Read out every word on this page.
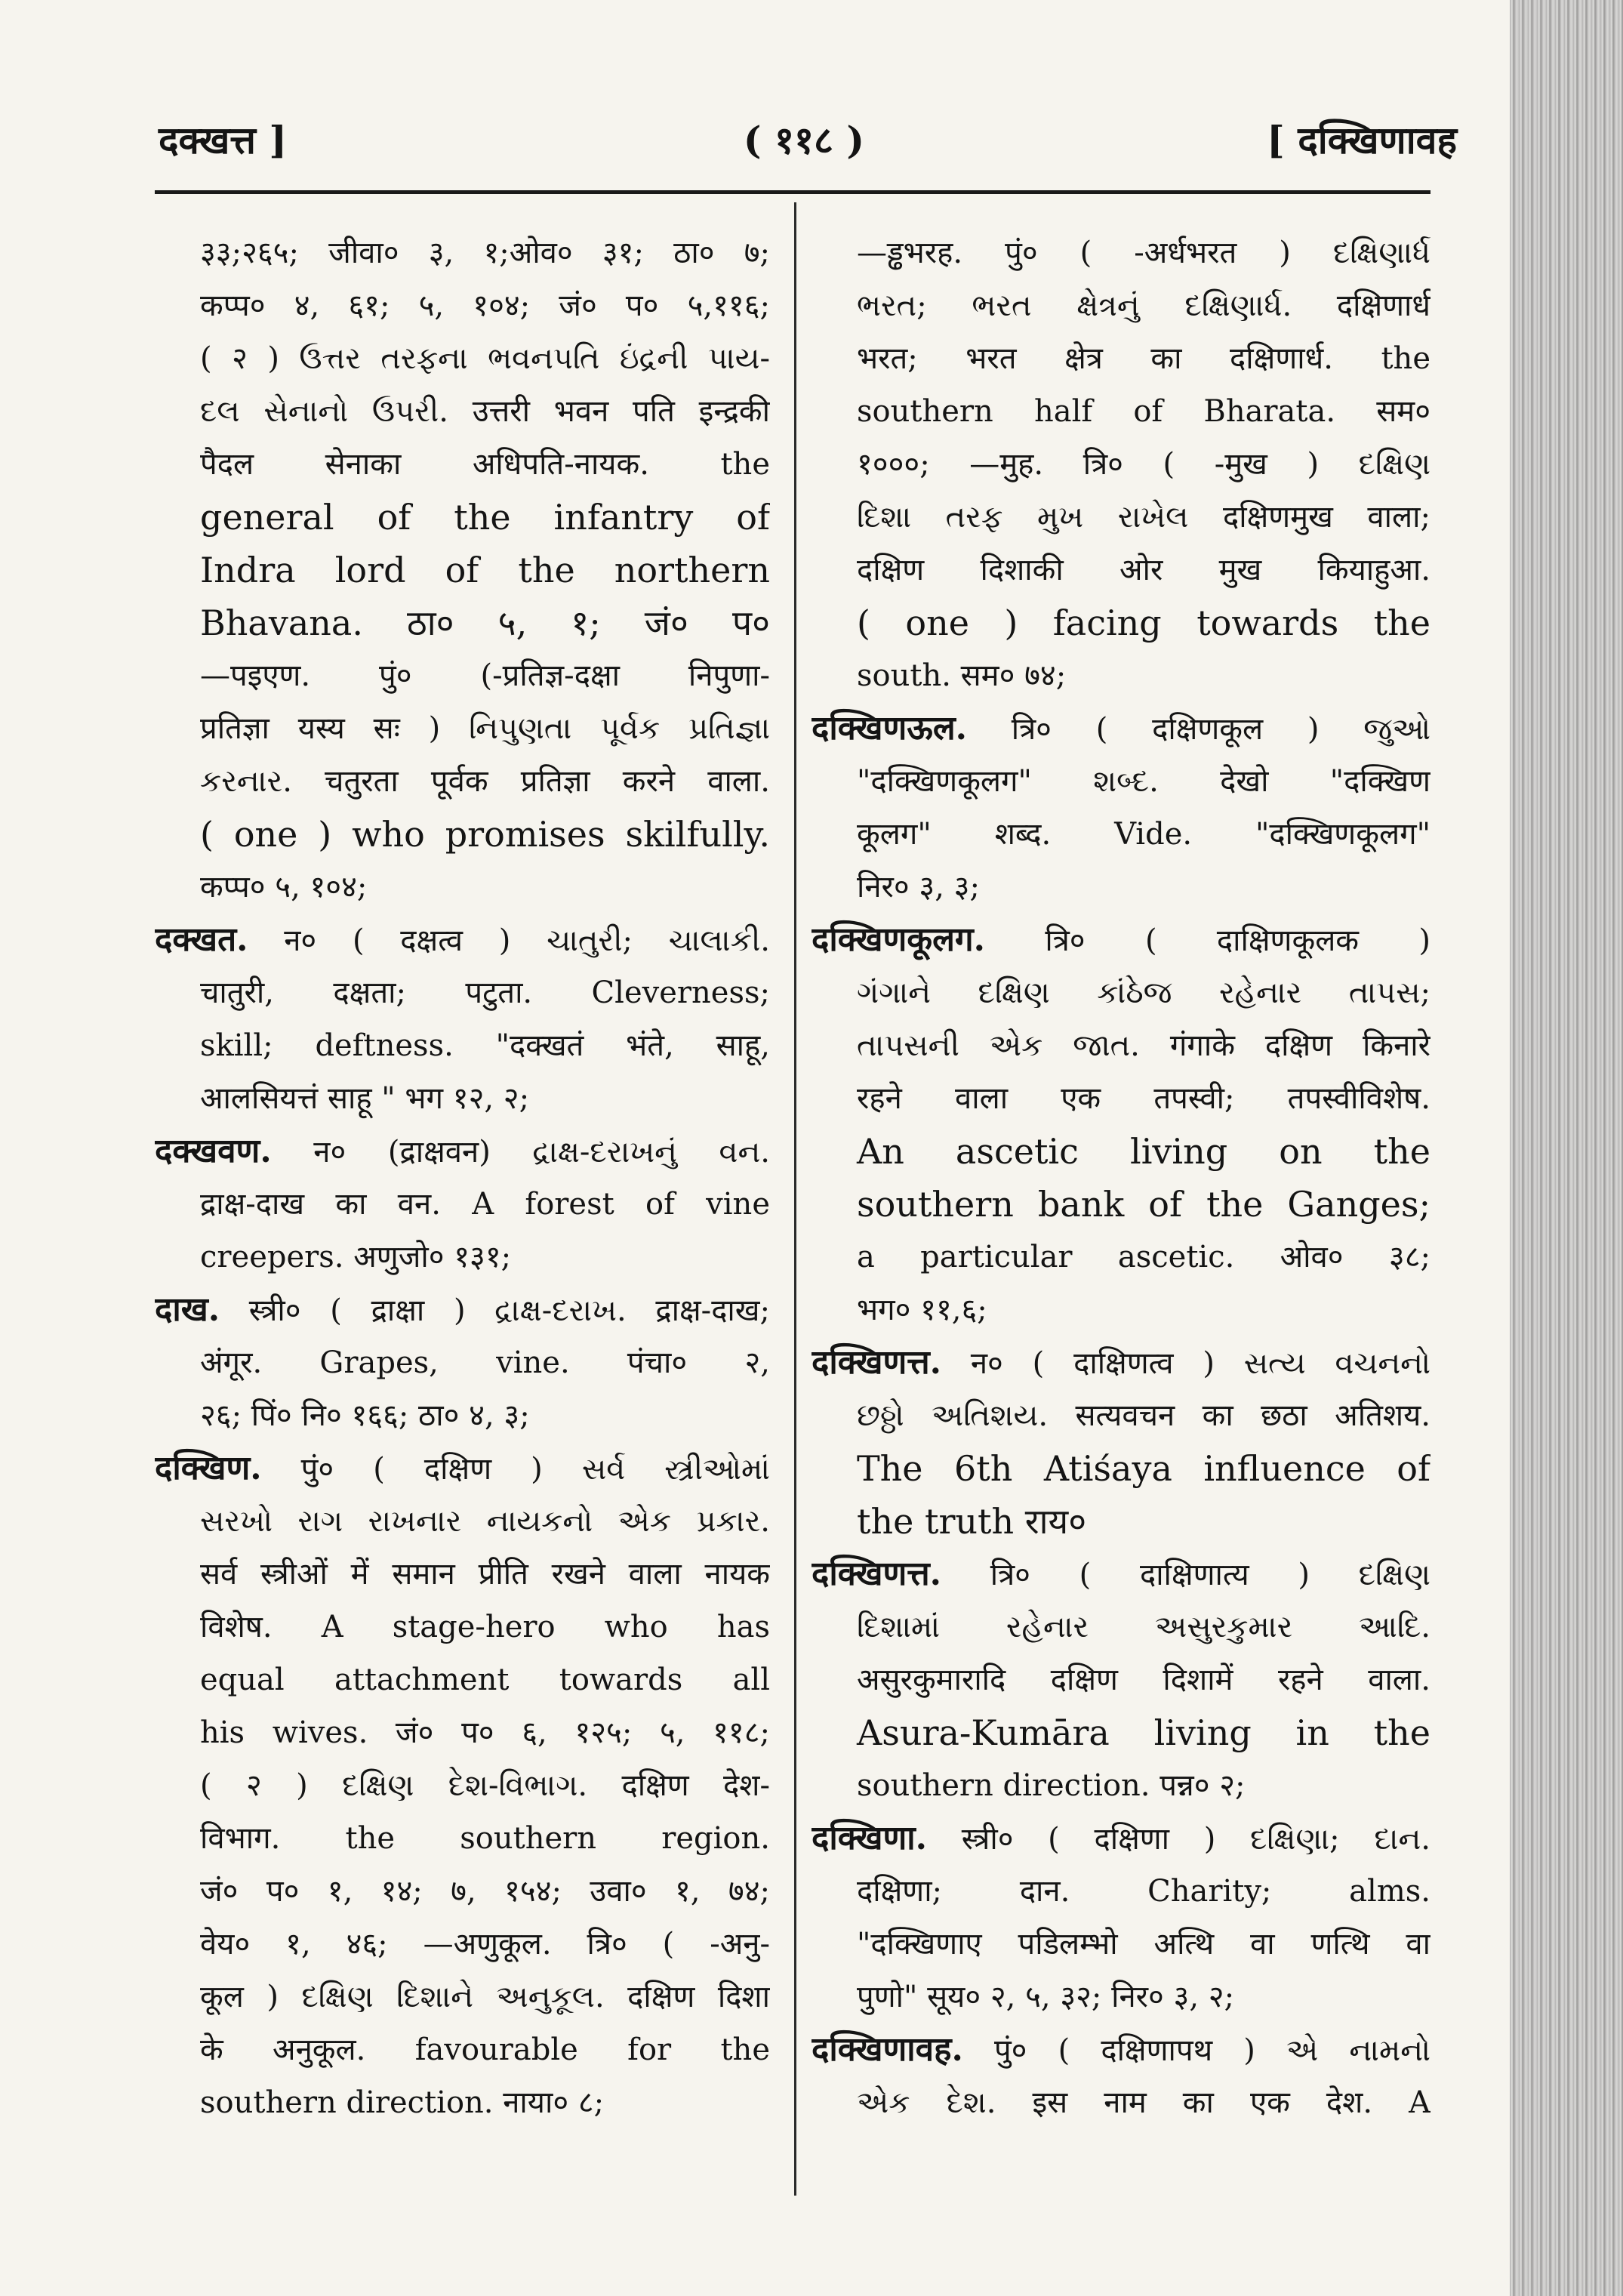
दक्खत्त ]	( ११८ )	[ दक्खिणावह
३३;२६५; जीवा० ३, १;ओव० ३१; ठा० ७;
कप्प० ४, ६१; ५, १०४; जं० प० ५,११६;
( २ ) ઉત્તર તરફના ભવનપતિ ઇંદ્રની પાય-
દલ સેનાનો ઉપરી. उत्तरी भवन पति इन्द्रकी
पैदल सेनाका अधिपति-नायक. the
general of the infantry of
Indra lord of the northern
Bhavana. ठा० ५, १; जं० प०
—पइएण. पुं० (-प्रतिज्ञ-दक्षा निपुणा-
प्रतिज्ञा यस्य सः ) નિપુણતા પૂર્વક પ્રતિજ્ઞા
કરનાર. चतुरता पूर्वक प्रतिज्ञा करने वाला.
( one ) who promises skilfully.
कप्प० ५, १०४;
दक्खत. न० ( दक्षत्व ) ચાતુરી; ચાલાકી.
चातुरी, दक्षता; पटुता. Cleverness;
skill; deftness. "दक्खतं भंते, साहू,
आलसियत्तं साहू " भग १२, २;
दक्खवण. न० (द्राक्षवन) દ્રાક્ષ-દરાખનું વન.
द्राक्ष-दाख का वन. A forest of vine
creepers. अणुजो० १३१;
दाख. स्त्री० ( द्राक्षा ) દ્રાક્ષ-દરાખ. द्राक्ष-दाख;
अंगूर. Grapes, vine. पंचा० २,
२६; पिं० नि० १६६; ठा० ४, ३;
दक्खिण. पुं० ( दक्षिण ) સર્વ સ્ત્રીઓમાં
સરખો રાગ રાખનાર નાયકનો એક પ્રકાર.
सर्व स्त्रीओं में समान प्रीति रखने वाला नायक
विशेष. A stage-hero who has
equal attachment towards all
his wives. जं० प० ६, १२५; ५, ११८;
( २ ) દક્ષિણ દેશ-વિભાગ. दक्षिण देश-
विभाग. the southern region.
जं० प० १, १४; ७, १५४; उवा० १, ७४;
वेय० १, ४६; —अणुकूल. त्रि० ( -अनु-
कूल ) દક્ષિણ દિશાને અનુકૂલ. दक्षिण दिशा
के अनुकूल. favourable for the
southern direction. नाया० ८;
—ड्ढभरह. पुं० ( -अर्धभरत ) દક્ષિણાર્ધ
ભરત; ભરત ક્ષેત્રનું દક્ષિણાર્ધ. दक्षिणार्ध
भरत; भरत क्षेत्र का दक्षिणार्ध. the
southern half of Bharata. सम०
१०००; —मुह. त्रि० ( -मुख ) દક્ષિણ
દિશા તરફ મુખ રાખેલ दक्षिणमुख वाला;
दक्षिण दिशाकी ओर मुख कियाहुआ.
( one ) facing towards the
south. सम० ७४;
दक्खिणऊल. त्रि० ( दक्षिणकूल ) જુઓ
"दक्खिणकूलग" શબ્દ. देखो "दक्खिण
कूलग" शब्द. Vide. "दक्खिणकूलग"
निर० ३, ३;
दक्खिणकूलग. त्रि० ( दाक्षिणकूलक )
ગંગાને દક્ષિણ કાંઠેજ રહેનાર તાપસ;
તાપસની એક જાત. गंगाके दक्षिण किनारे
रहने वाला एक तपस्वी; तपस्वीविशेष.
An ascetic living on the
southern bank of the Ganges;
a particular ascetic. ओव० ३८;
भग० ११,६;
दक्खिणत्त. न० ( दाक्षिणत्व ) સત્ય વચનનો
છઠ્ઠો અતિશય. सत्यवचन का छठा अतिशय.
The 6th Atiśaya influence of
the truth राय०
दक्खिणत्त. त्रि० ( दाक्षिणात्य ) દક્ષિણ
દિશામાં રહેનાર અસુરકુમાર આદિ.
असुरकुमारादि दक्षिण दिशामें रहने वाला.
Asura-Kumāra living in the
southern direction. पन्न० २;
दक्खिणा. स्त्री० ( दक्षिणा ) દક્ષિણા; દાન.
दक्षिणा; दान. Charity; alms.
"दक्खिणाए पडिलम्भो अत्थि वा णत्थि वा
पुणो" सूय० २, ५, ३२; निर० ३, २;
दक्खिणावह. पुं० ( दक्षिणापथ ) એ નામનો
એક દેશ. इस नाम का एक देश. A
